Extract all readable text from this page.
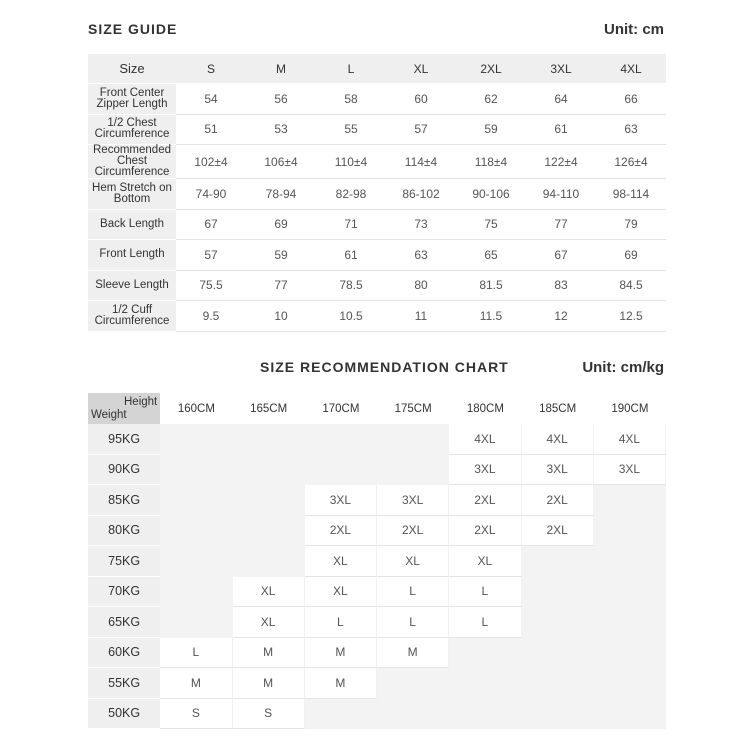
SIZE GUIDE	Unit: cm
Size	S	M	L	XL	2XL	3XL	4XL
Front Center Zipper Length	54	56	58	60	62	64	66
1/2 Chest Circumference	51	53	55	57	59	61	63
Recommended Chest Circumference	102±4	106±4	110±4	114±4	118±4	122±4	126±4
Hem Stretch on Bottom	74-90	78-94	82-98	86-102	90-106	94-110	98-114
Back Length	67	69	71	73	75	77	79
Front Length	57	59	61	63	65	67	69
Sleeve Length	75.5	77	78.5	80	81.5	83	84.5
1/2 Cuff Circumference	9.5	10	10.5	11	11.5	12	12.5
SIZE RECOMMENDATION CHART	Unit: cm/kg
Height
Weight	160CM	165CM	170CM	175CM	180CM	185CM	190CM
95KG					4XL	4XL	4XL
90KG					3XL	3XL	3XL
85KG			3XL	3XL	2XL	2XL	
80KG			2XL	2XL	2XL	2XL	
75KG			XL	XL	XL		
70KG		XL	XL	L	L		
65KG		XL	L	L	L		
60KG	L	M	M	M			
55KG	M	M	M				
50KG	S	S					
